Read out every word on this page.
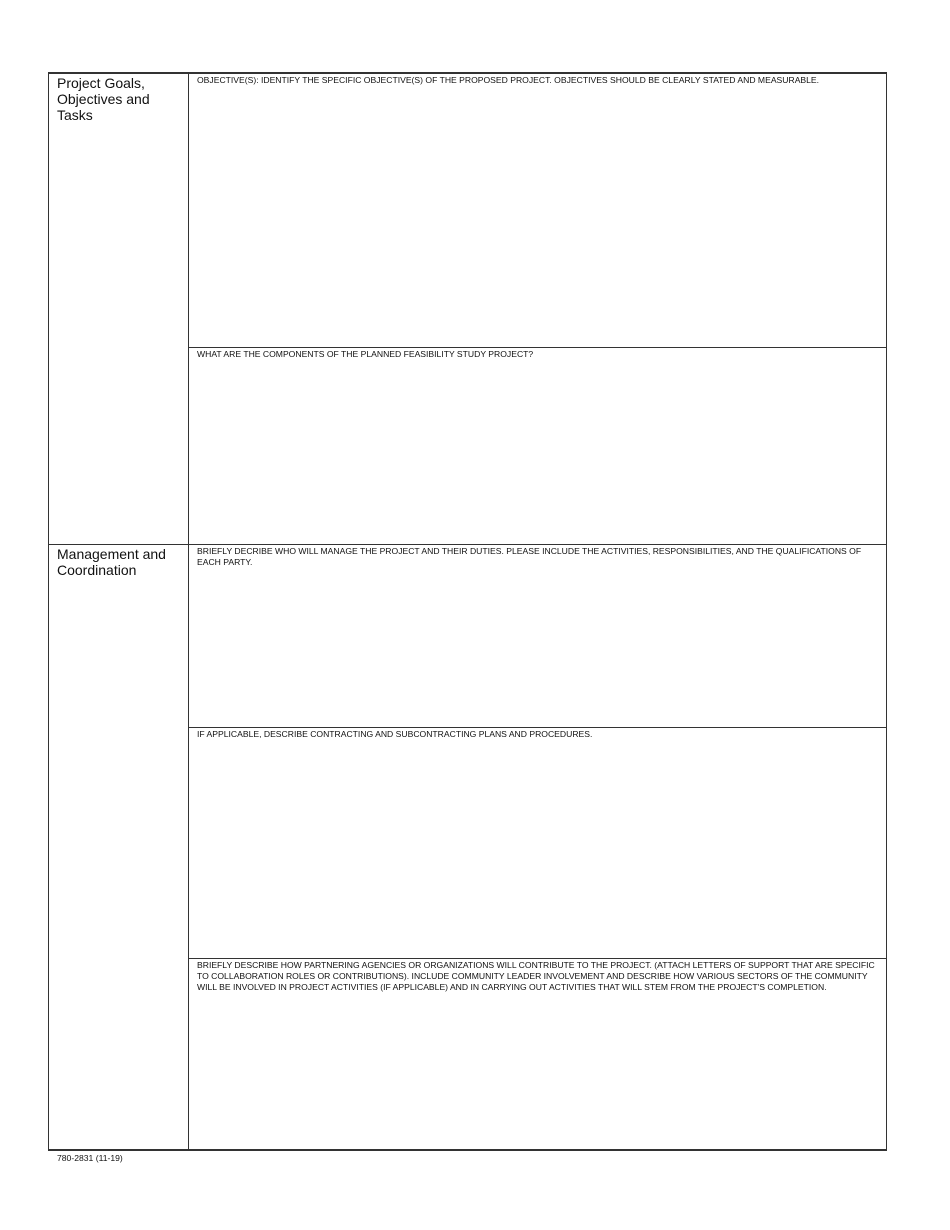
Project Goals, Objectives and Tasks
OBJECTIVE(S): IDENTIFY THE SPECIFIC OBJECTIVE(S) OF THE PROPOSED PROJECT. OBJECTIVES SHOULD BE CLEARLY STATED AND MEASURABLE.
WHAT ARE THE COMPONENTS OF THE PLANNED FEASIBILITY STUDY PROJECT?
Management and Coordination
BRIEFLY DECRIBE WHO WILL MANAGE THE PROJECT AND THEIR DUTIES. PLEASE INCLUDE THE ACTIVITIES, RESPONSIBILITIES, AND THE QUALIFICATIONS OF EACH PARTY.
IF APPLICABLE, DESCRIBE CONTRACTING AND SUBCONTRACTING PLANS AND PROCEDURES.
BRIEFLY DESCRIBE HOW PARTNERING AGENCIES OR ORGANIZATIONS WILL CONTRIBUTE TO THE PROJECT. (ATTACH LETTERS OF SUPPORT THAT ARE SPECIFIC TO COLLABORATION ROLES OR CONTRIBUTIONS). INCLUDE COMMUNITY LEADER INVOLVEMENT AND DESCRIBE HOW VARIOUS SECTORS OF THE COMMUNITY WILL BE INVOLVED IN PROJECT ACTIVITIES (IF APPLICABLE) AND IN CARRYING OUT ACTIVITIES THAT WILL STEM FROM THE PROJECT'S COMPLETION.
780-2831 (11-19)
